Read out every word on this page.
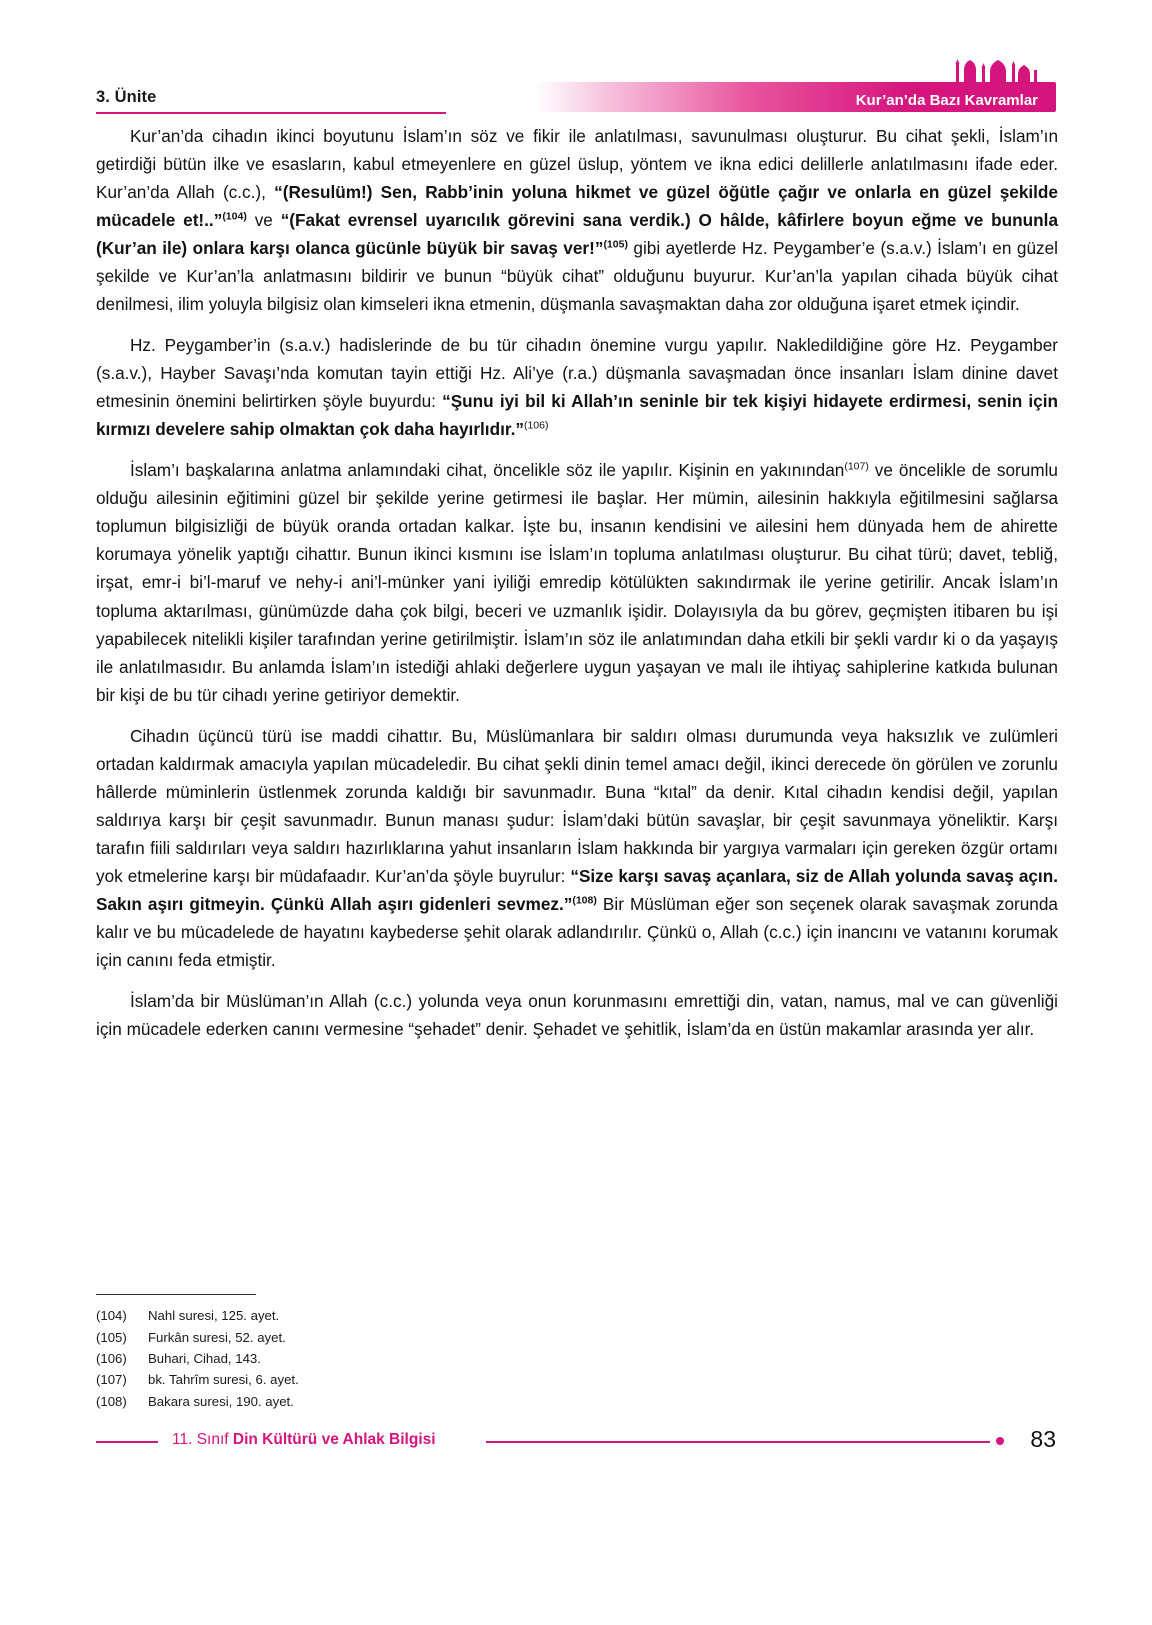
3. Ünite	Kur’an’da Bazı Kavramlar

Kur’an’da cihadın ikinci boyutunu İslam’ın söz ve fikir ile anlatılması, savunulması oluşturur. Bu cihat şekli, İslam’ın getirdiği bütün ilke ve esasların, kabul etmeyenlere en güzel üslup, yöntem ve ikna edici delillerle anlatılmasını ifade eder. Kur’an’da Allah (c.c.), “(Resulüm!) Sen, Rabb’inin yoluna hikmet ve güzel öğütle çağır ve onlarla en güzel şekilde mücadele et!..”$^{(104)}$ ve “(Fakat evrensel uyarıcılık görevini sana verdik.) O hâlde, kâfirlere boyun eğme ve bununla (Kur’an ile) onlara karşı olanca gücünle büyük bir savaş ver!”$^{(105)}$ gibi ayetlerde Hz. Peygamber’e (s.a.v.) İslam’ı en güzel şekilde ve Kur’an’la anlatmasını bildirir ve bunun “büyük cihat” olduğunu buyurur. Kur’an’la yapılan cihada büyük cihat denilmesi, ilim yoluyla bilgisiz olan kimseleri ikna etmenin, düşmanla savaşmaktan daha zor olduğuna işaret etmek içindir.

Hz. Peygamber’in (s.a.v.) hadislerinde de bu tür cihadın önemine vurgu yapılır. Nakledildiğine göre Hz. Peygamber (s.a.v.), Hayber Savaşı’nda komutan tayin ettiği Hz. Ali’ye (r.a.) düşmanla savaşmadan önce insanları İslam dinine davet etmesinin önemini belirtirken şöyle buyurdu: “Şunu iyi bil ki Allah’ın seninle bir tek kişiyi hidayete erdirmesi, senin için kırmızı develere sahip olmaktan çok daha hayırlıdır.”$^{(106)}$

İslam’ı başkalarına anlatma anlamındaki cihat, öncelikle söz ile yapılır. Kişinin en yakınından$^{(107)}$ ve öncelikle de sorumlu olduğu ailesinin eğitimini güzel bir şekilde yerine getirmesi ile başlar. Her mümin, ailesinin hakkıyla eğitilmesini sağlarsa toplumun bilgisizliği de büyük oranda ortadan kalkar. İşte bu, insanın kendisini ve ailesini hem dünyada hem de ahirette korumaya yönelik yaptığı cihattır. Bunun ikinci kısmını ise İslam’ın topluma anlatılması oluşturur. Bu cihat türü; davet, tebliğ, irşat, emr-i bi’l-maruf ve nehy-i ani’l-münker yani iyiliği emredip kötülükten sakındırmak ile yerine getirilir. Ancak İslam’ın topluma aktarılması, günümüzde daha çok bilgi, beceri ve uzmanlık işidir. Dolayısıyla da bu görev, geçmişten itibaren bu işi yapabilecek nitelikli kişiler tarafından yerine getirilmiştir. İslam’ın söz ile anlatımından daha etkili bir şekli vardır ki o da yaşayış ile anlatılmasıdır. Bu anlamda İslam’ın istediği ahlaki değerlere uygun yaşayan ve malı ile ihtiyaç sahiplerine katkıda bulunan bir kişi de bu tür cihadı yerine getiriyor demektir.

Cihadın üçüncü türü ise maddi cihattır. Bu, Müslümanlara bir saldırı olması durumunda veya haksızlık ve zulümleri ortadan kaldırmak amacıyla yapılan mücadeledir. Bu cihat şekli dinin temel amacı değil, ikinci derecede ön görülen ve zorunlu hâllerde müminlerin üstlenmek zorunda kaldığı bir savunmadır. Buna “kıtal” da denir. Kıtal cihadın kendisi değil, yapılan saldırıya karşı bir çeşit savunmadır. Bunun manası şudur: İslam’daki bütün savaşlar, bir çeşit savunmaya yöneliktir. Karşı tarafın fiili saldırıları veya saldırı hazırlıklarına yahut insanların İslam hakkında bir yargıya varmaları için gereken özgür ortamı yok etmelerine karşı bir müdafaadır. Kur’an’da şöyle buyrulur: “Size karşı savaş açanlara, siz de Allah yolunda savaş açın. Sakın aşırı gitmeyin. Çünkü Allah aşırı gidenleri sevmez.”$^{(108)}$ Bir Müslüman eğer son seçenek olarak savaşmak zorunda kalır ve bu mücadelede de hayatını kaybederse şehit olarak adlandırılır. Çünkü o, Allah (c.c.) için inancını ve vatanını korumak için canını feda etmiştir.

İslam’da bir Müslüman’ın Allah (c.c.) yolunda veya onun korunmasını emrettiği din, vatan, namus, mal ve can güvenliği için mücadele ederken canını vermesine “şehadet” denir. Şehadet ve şehitlik, İslam’da en üstün makamlar arasında yer alır.

(104)	Nahl suresi, 125. ayet.
(105)	Furkân suresi, 52. ayet.
(106)	Buhari, Cihad, 143.
(107)	bk. Tahrîm suresi, 6. ayet.
(108)	Bakara suresi, 190. ayet.
11. Sınıf Din Kültürü ve Ahlak Bilgisi	83
